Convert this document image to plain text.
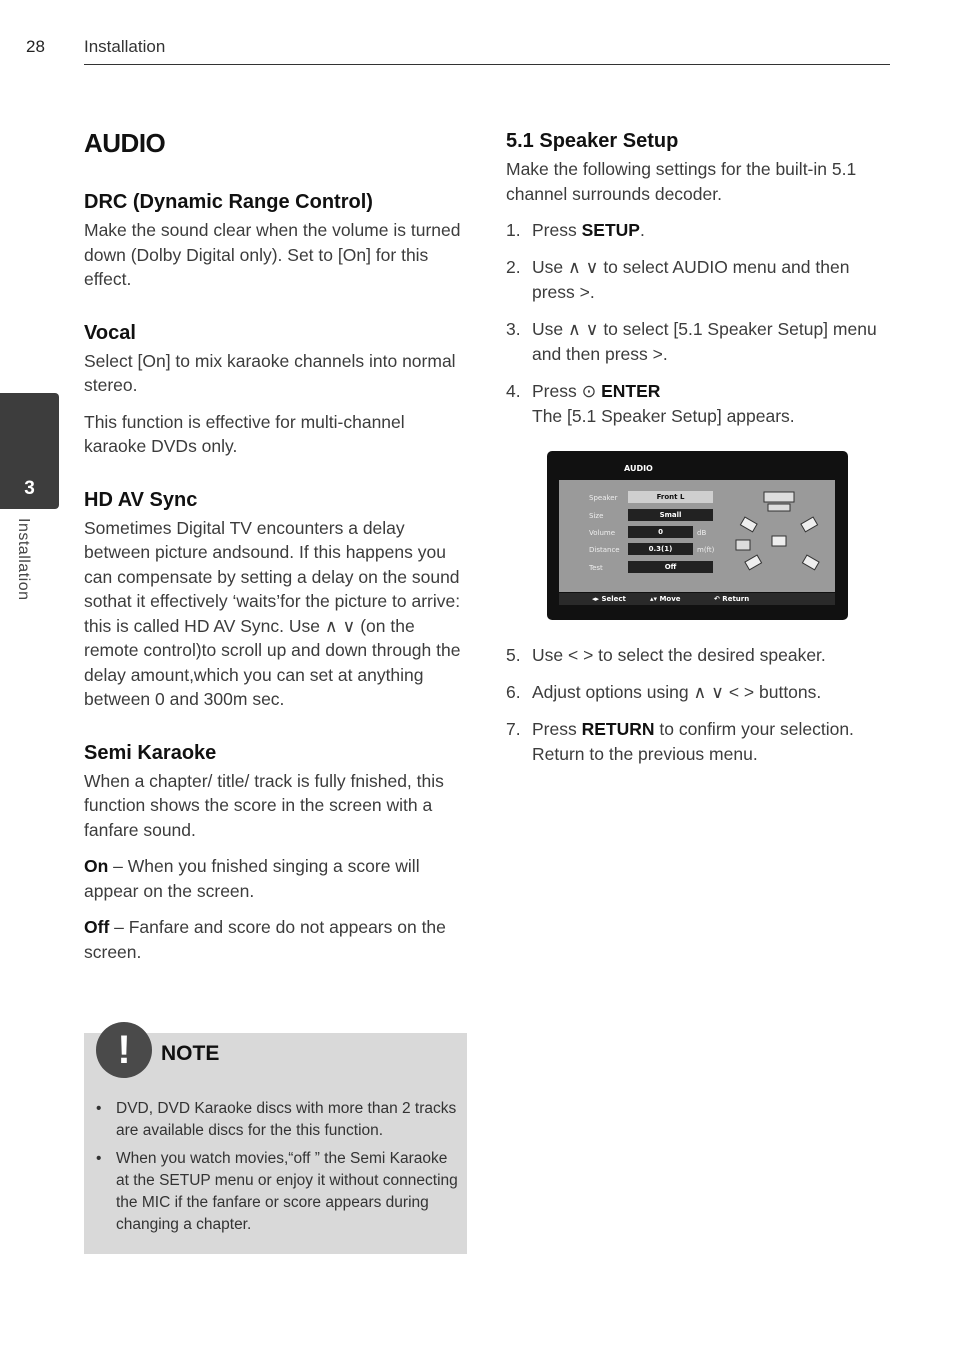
28 Installation
3
Installation
AUDIO
DRC (Dynamic Range Control)

Make the sound clear when the volume is turned down (Dolby Digital only). Set to [On] for this effect.

Vocal

Select [On] to mix karaoke channels into normal stereo.

This function is effective for multi-channel karaoke DVDs only.

HD AV Sync

Sometimes Digital TV encounters a delay between picture andsound. If this happens you can compensate by setting a delay on the sound sothat it effectively ‘waits’for the picture to arrive: this is called HD AV Sync. Use ∧ ∨ (on the remote control)to scroll up and down through the delay amount,which you can set at anything between 0 and 300m sec.

Semi Karaoke

When a chapter/ title/ track is fully fnished, this function shows the score in the screen with a fanfare sound.

On – When you fnished singing a score will appear on the screen.

Off – Fanfare and score do not appears on the screen.

!	NOTE
• DVD, DVD Karaoke discs with more than 2 tracks are available discs for the this function.
• When you watch movies,“off ” the Semi Karaoke at the SETUP menu or enjoy it without connecting the MIC if the fanfare or score appears during changing a chapter.
5.1 Speaker Setup

Make the following settings for the built-in 5.1 channel surrounds decoder.

1. Press SETUP.
2. Use ∧ ∨ to select AUDIO menu and then press >.
3. Use ∧ ∨ to select [5.1 Speaker Setup] menu and then press >.
4. Press ⊙ ENTER
The [5.1 Speaker Setup] appears.
5. Use < > to select the desired speaker.
6. Adjust options using ∧ ∨ < > buttons.
7. Press RETURN to confirm your selection.
Return to the previous menu.
AUDIO
Speaker	Front L
Size	Small
Volume	0	dB
Distance	0.3(1)	m(ft)
Test	Off
◂▸ Select	▴▾ Move	↶ Return
